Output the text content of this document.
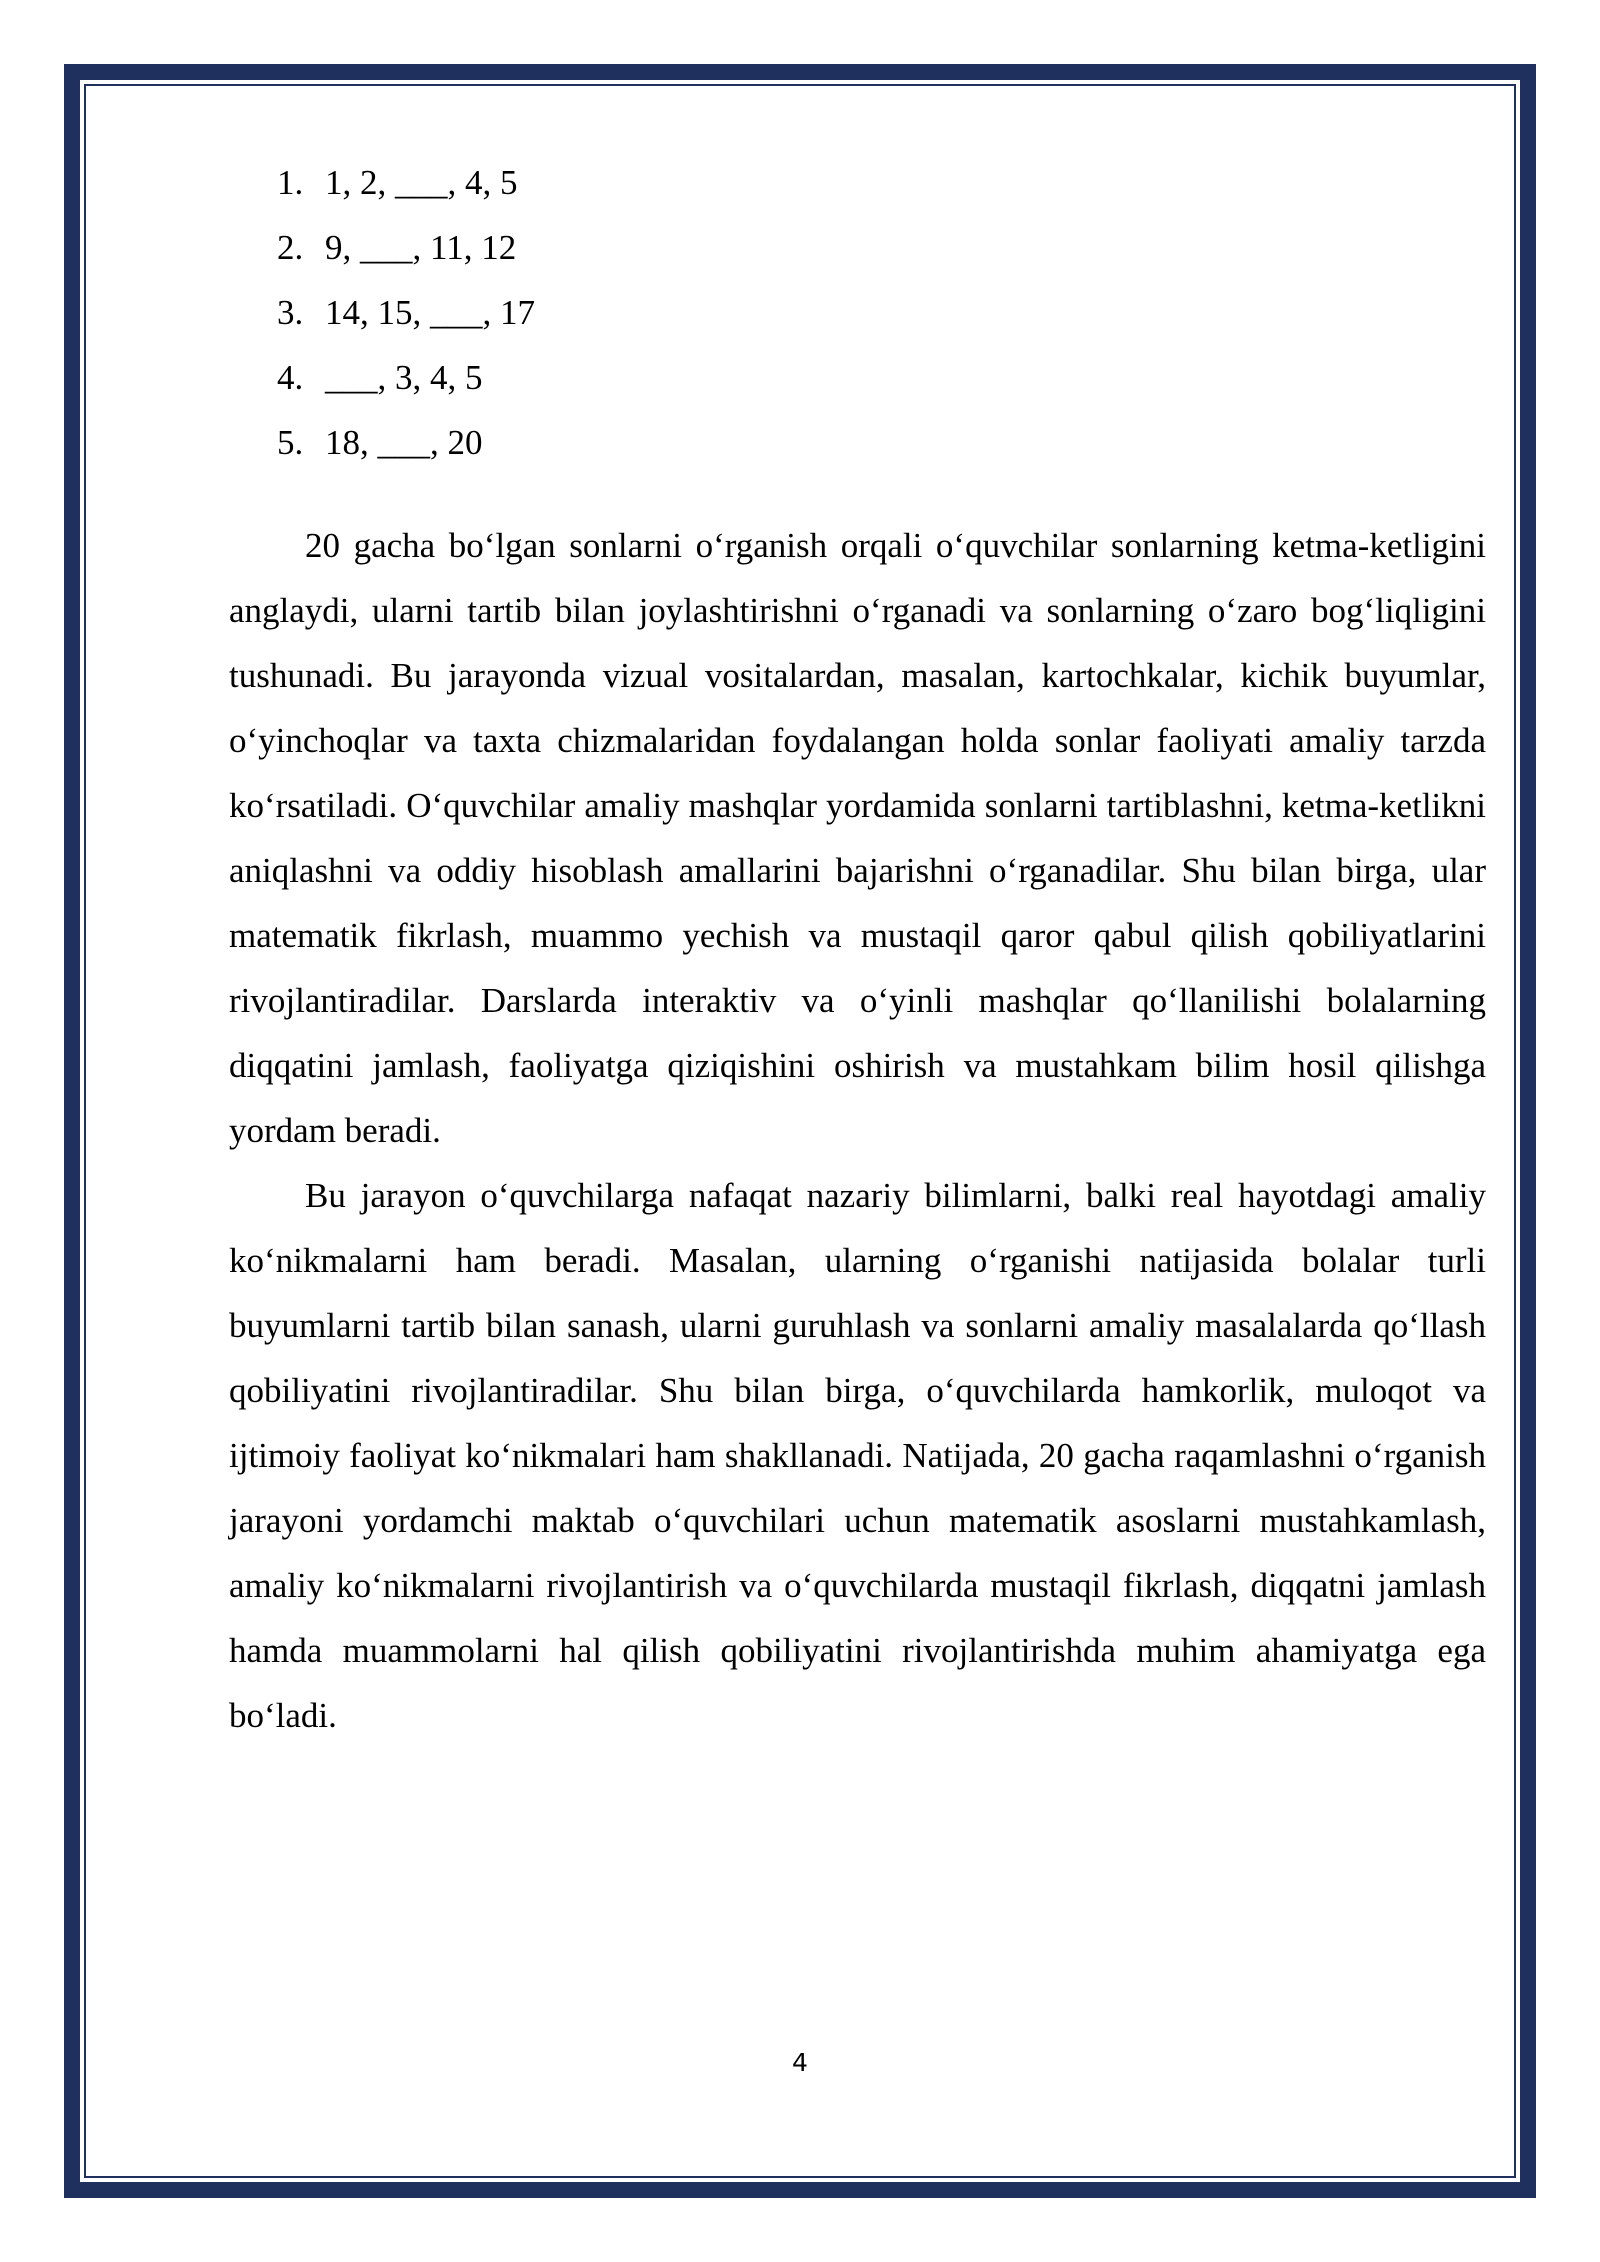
1. 1, 2, ___, 4, 5
2. 9, ___, 11, 12
3. 14, 15, ___, 17
4. ___, 3, 4, 5
5. 18, ___, 20

20 gacha bo‘lgan sonlarni o‘rganish orqali o‘quvchilar sonlarning ketma-ketligini anglaydi, ularni tartib bilan joylashtirishni o‘rganadi va sonlarning o‘zaro bog‘liqligini tushunadi. Bu jarayonda vizual vositalardan, masalan, kartochkalar, kichik buyumlar, o‘yinchoqlar va taxta chizmalaridan foydalangan holda sonlar faoliyati amaliy tarzda ko‘rsatiladi. O‘quvchilar amaliy mashqlar yordamida sonlarni tartiblashni, ketma-ketlikni aniqlashni va oddiy hisoblash amallarini bajarishni o‘rganadilar. Shu bilan birga, ular matematik fikrlash, muammo yechish va mustaqil qaror qabul qilish qobiliyatlarini rivojlantiradilar. Darslarda interaktiv va o‘yinli mashqlar qo‘llanilishi bolalarning diqqatini jamlash, faoliyatga qiziqishini oshirish va mustahkam bilim hosil qilishga yordam beradi.

Bu jarayon o‘quvchilarga nafaqat nazariy bilimlarni, balki real hayotdagi amaliy ko‘nikmalarni ham beradi. Masalan, ularning o‘rganishi natijasida bolalar turli buyumlarni tartib bilan sanash, ularni guruhlash va sonlarni amaliy masalalarda qo‘llash qobiliyatini rivojlantiradilar. Shu bilan birga, o‘quvchilarda hamkorlik, muloqot va ijtimoiy faoliyat ko‘nikmalari ham shakllanadi. Natijada, 20 gacha raqamlashni o‘rganish jarayoni yordamchi maktab o‘quvchilari uchun matematik asoslarni mustahkamlash, amaliy ko‘nikmalarni rivojlantirish va o‘quvchilarda mustaqil fikrlash, diqqatni jamlash hamda muammolarni hal qilish qobiliyatini rivojlantirishda muhim ahamiyatga ega bo‘ladi.

4
